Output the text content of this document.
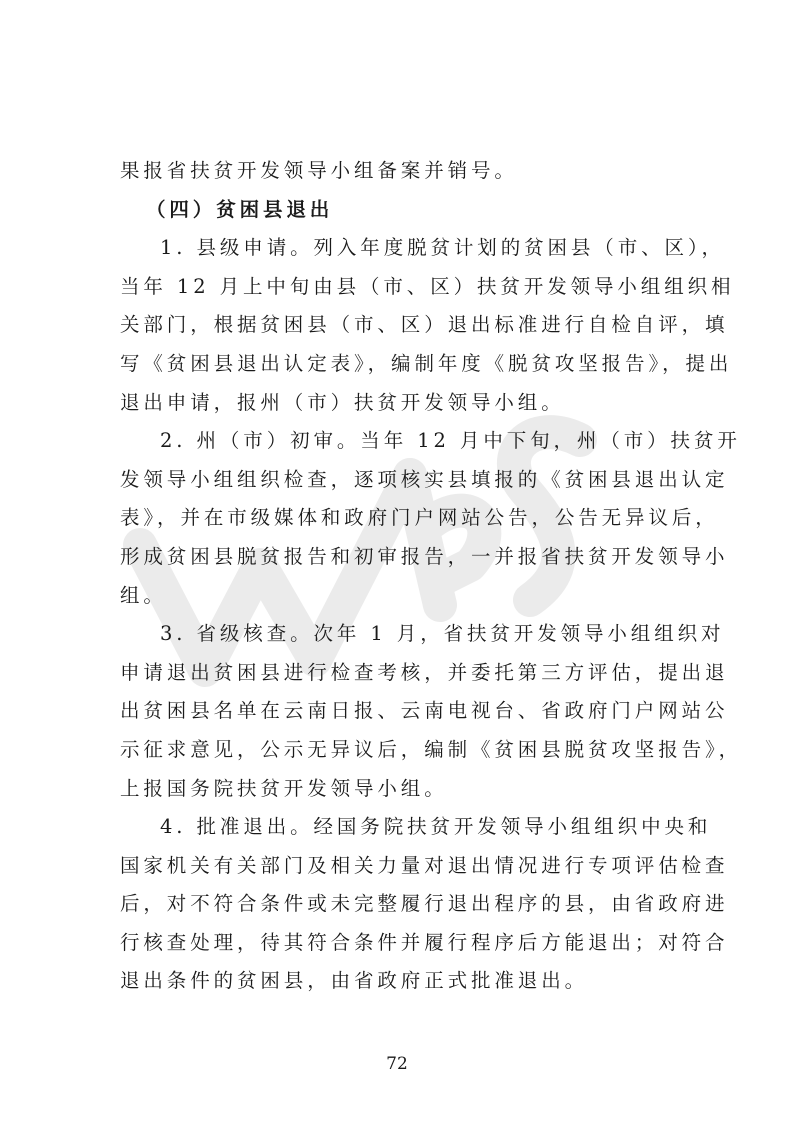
果报省扶贫开发领导小组备案并销号。
（四）贫困县退出
1. 县级申请。列入年度脱贫计划的贫困县（市、区），
当年 12 月上中旬由县（市、区）扶贫开发领导小组组织相
关部门，根据贫困县（市、区）退出标准进行自检自评，填
写《贫困县退出认定表》，编制年度《脱贫攻坚报告》，提出
退出申请，报州（市）扶贫开发领导小组。
2. 州（市）初审。当年 12 月中下旬，州（市）扶贫开
发领导小组组织检查，逐项核实县填报的《贫困县退出认定
表》，并在市级媒体和政府门户网站公告，公告无异议后，
形成贫困县脱贫报告和初审报告，一并报省扶贫开发领导小
组。
3. 省级核查。次年 1 月，省扶贫开发领导小组组织对
申请退出贫困县进行检查考核，并委托第三方评估，提出退
出贫困县名单在云南日报、云南电视台、省政府门户网站公
示征求意见，公示无异议后，编制《贫困县脱贫攻坚报告》，
上报国务院扶贫开发领导小组。
4. 批准退出。经国务院扶贫开发领导小组组织中央和
国家机关有关部门及相关力量对退出情况进行专项评估检查
后，对不符合条件或未完整履行退出程序的县，由省政府进
行核查处理，待其符合条件并履行程序后方能退出；对符合
退出条件的贫困县，由省政府正式批准退出。
72
